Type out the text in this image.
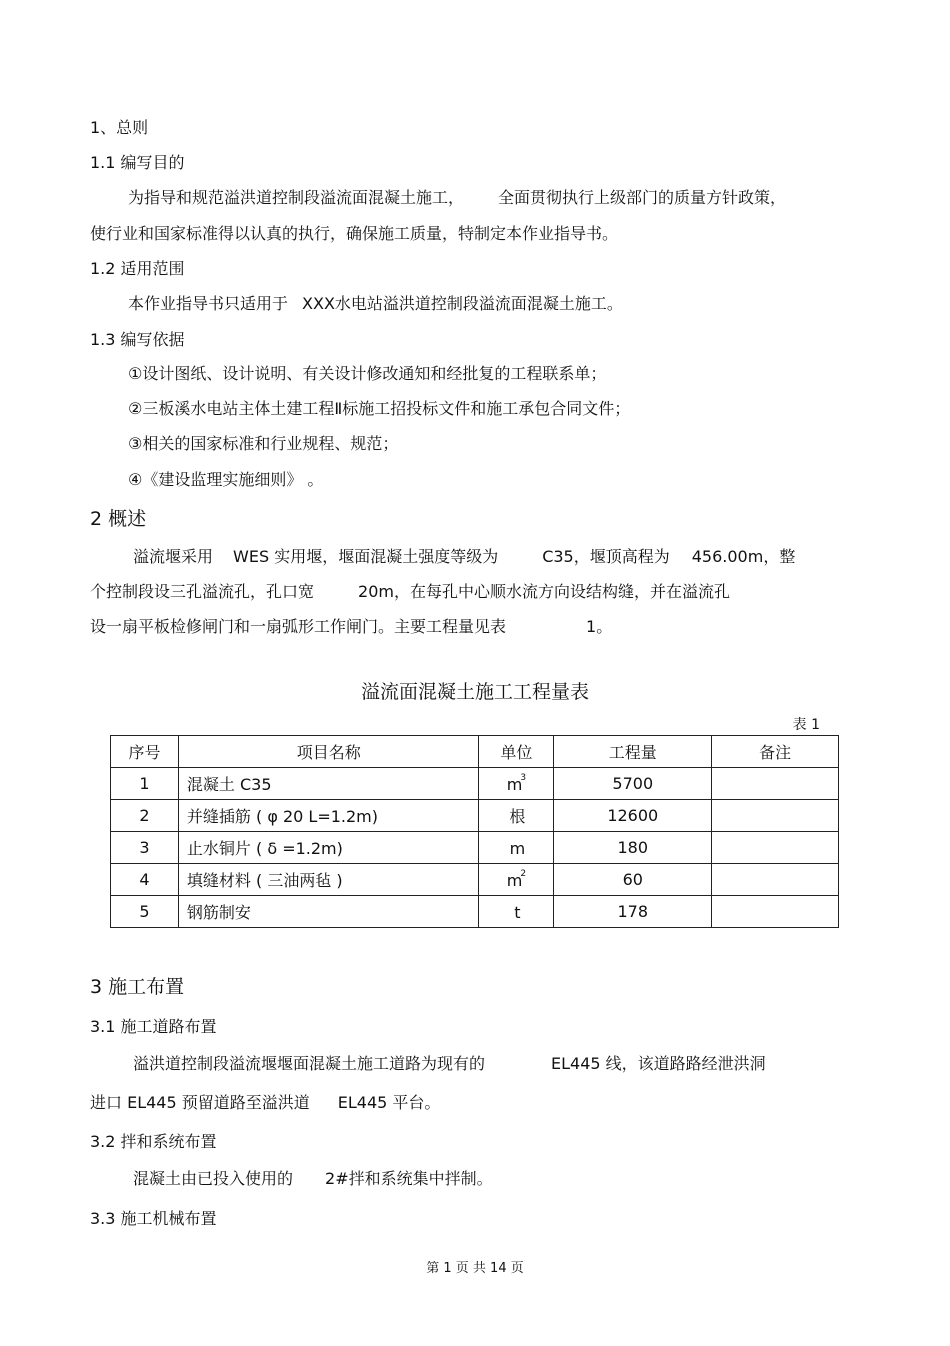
1、总则
1.1 编写目的
为指导和规范溢洪道控制段溢流面混凝土施工， 全面贯彻执行上级部门的质量方针政策，
使行业和国家标准得以认真的执行，确保施工质量，特制定本作业指导书。
1.2 适用范围
本作业指导书只适用于 XXX水电站溢洪道控制段溢流面混凝土施工。
1.3 编写依据
①设计图纸、设计说明、有关设计修改通知和经批复的工程联系单；
②三板溪水电站主体土建工程Ⅱ标施工招投标文件和施工承包合同文件；
③相关的国家标准和行业规程、规范；
④《建设监理实施细则》 。
2 概述
溢流堰采用 WES 实用堰，堰面混凝土强度等级为	C35，堰顶高程为 456.00m，整
个控制段设三孔溢流孔，孔口宽	20m，在每孔中心顺水流方向设结构缝，并在溢流孔
设一扇平板检修闸门和一扇弧形工作闸门。主要工程量见表	1。
溢流面混凝土施工工程量表
表 1
序号	项目名称	单位	工程量	备注
1	混凝土 C35	$m^3$	5700	
2	并缝插筋 ( φ 20 L=1.2m)	根	12600	
3	止水铜片 ( δ =1.2m)	m	180	
4	填缝材料 ( 三油两毡 )	$m^2$	60	
5	钢筋制安	t	178	
3 施工布置
3.1 施工道路布置
溢洪道控制段溢流堰堰面混凝土施工道路为现有的	EL445 线，该道路路经泄洪洞
进口 EL445 预留道路至溢洪道 EL445 平台。
3.2 拌和系统布置
混凝土由已投入使用的 2#拌和系统集中拌制。
3.3 施工机械布置
第 1 页 共 14 页
